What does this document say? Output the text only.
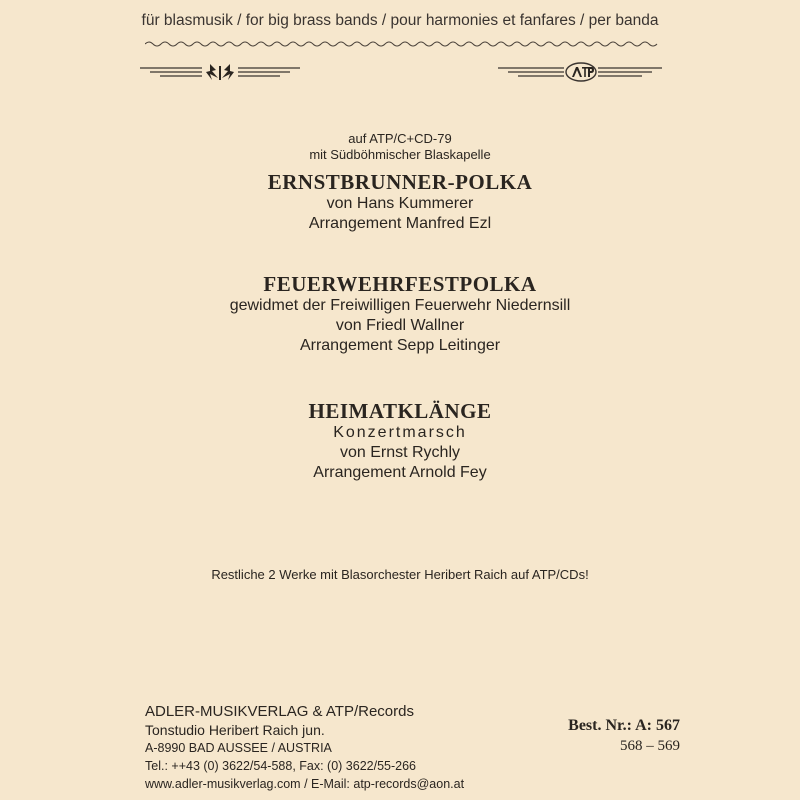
für blasmusik / for big brass bands / pour harmonies et fanfares / per banda
auf ATP/C+CD-79
mit Südböhmischer Blaskapelle
ERNSTBRUNNER-POLKA
von Hans Kummerer
Arrangement Manfred Ezl
FEUERWEHRFESTPOLKA
gewidmet der Freiwilligen Feuerwehr Niedernsill
von Friedl Wallner
Arrangement Sepp Leitinger
HEIMATKLÄNGE
Konzertmarsch
von Ernst Rychly
Arrangement Arnold Fey
Restliche 2 Werke mit Blasorchester Heribert Raich auf ATP/CDs!
ADLER-MUSIKVERLAG & ATP/Records
Tonstudio Heribert Raich jun.
A-8990 BAD AUSSEE / AUSTRIA
Tel.: ++43 (0) 3622/54-588, Fax: (0) 3622/55-266
www.adler-musikverlag.com / E-Mail: atp-records@aon.at
Best. Nr.: A: 567
568 – 569
